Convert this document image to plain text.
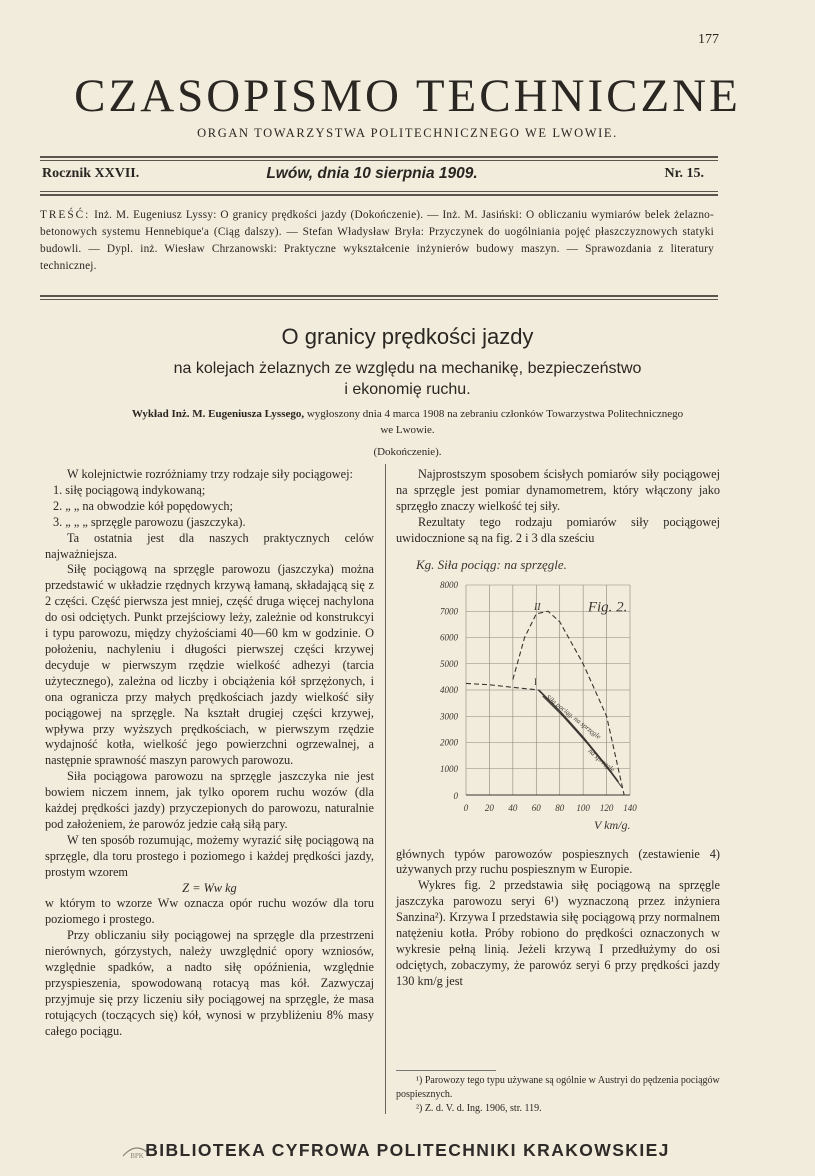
177
CZASOPISMO TECHNICZNE
ORGAN TOWARZYSTWA POLITECHNICZNEGO WE LWOWIE.
Rocznik XXVII.	Lwów, dnia 10 sierpnia 1909.	Nr. 15.
TREŚĆ: Inż. M. Eugeniusz Lyssy: O granicy prędkości jazdy (Dokończenie). — Inż. M. Jasiński: O obliczaniu wymiarów belek żelazno-betonowych systemu Hennebique'a (Ciąg dalszy). — Stefan Władysław Bryła: Przyczynek do uogólniania pojęć płaszczyznowych statyki budowli. — Dypl. inż. Wiesław Chrzanowski: Praktyczne wykształcenie inżynierów budowy maszyn. — Sprawozdania z literatury technicznej.
O granicy prędkości jazdy
na kolejach żelaznych ze względu na mechanikę, bezpieczeństwo
i ekonomię ruchu.
Wykład Inż. M. Eugeniusza Lyssego, wygłoszony dnia 4 marca 1908 na zebraniu członków Towarzystwa Politechnicznego we Lwowie.
(Dokończenie).

W kolejnictwie rozróżniamy trzy rodzaje siły pociągowej:

1. siłę pociągową indykowaną;

2. „ „ na obwodzie kół popędowych;

3. „ „ „ sprzęgle parowozu (jaszczyka).

Ta ostatnia jest dla naszych praktycznych celów najważniejsza.

Siłę pociągową na sprzęgle parowozu (jaszczyka) można przedstawić w układzie rzędnych krzywą łamaną, składającą się z 2 części. Część pierwsza jest mniej, część druga więcej nachylona do osi odciętych. Punkt przejściowy leży, zależnie od konstrukcyi i typu parowozu, między chyżościami 40—60 km w godzinie. O położeniu, nachyleniu i długości pierwszej części krzywej decyduje w pierwszym rzędzie wielkość adhezyi (tarcia użytecznego), zależna od liczby i obciążenia kół sprzężonych, i ona ogranicza przy małych prędkościach jazdy wielkość siły pociągowej na sprzęgle. Na kształt drugiej części krzywej, wpływa przy wyższych prędkościach, w pierwszym rzędzie wydajność kotła, wielkość jego powierzchni ogrzewalnej, a następnie sprawność maszyn parowych parowozu.

Siła pociągowa parowozu na sprzęgle jaszczyka nie jest bowiem niczem innem, jak tylko oporem ruchu wozów (dla każdej prędkości jazdy) przyczepionych do parowozu, naturalnie pod założeniem, że parowóz jedzie całą siłą pary.

W ten sposób rozumując, możemy wyrazić siłę pociągową na sprzęgle, dla toru prostego i poziomego i każdej prędkości jazdy, prostym wzorem

Z = Ww kg

w którym to wzorze Ww oznacza opór ruchu wozów dla toru poziomego i prostego.

Przy obliczaniu siły pociągowej na sprzęgle dla przestrzeni nierównych, górzystych, należy uwzględnić opory wzniosów, względnie spadków, a nadto siłę opóźnienia, względnie przyspieszenia, spowodowaną rotacyą mas kół. Zazwyczaj przyjmuje się przy liczeniu siły pociągowej na sprzęgle, że masa rotujących (toczących się) kół, wynosi w przybliżeniu 8% masy całego pociągu.

Najprostszym sposobem ścisłych pomiarów siły pociągowej na sprzęgle jest pomiar dynamometrem, który włączony jako sprzęgło znaczy wielkość tej siły.

Rezultaty tego rodzaju pomiarów siły pociągowej uwidocznione są na fig. 2 i 3 dla sześciu

Kg. Siła pociąg: na sprzęgle.
0 20 40 60 80 100 120 140
0
1000
2000
3000
4000
5000
6000
7000
8000
I
II	Fig. 2.
Siła pociąg. na sprzęgle
na sprzęgle
V km/g.

głównych typów parowozów pospiesznych (zestawienie 4) używanych przy ruchu pospiesznym w Europie.

Wykres fig. 2 przedstawia siłę pociągową na sprzęgle jaszczyka parowozu seryi 6¹) wyznaczoną przez inżyniera Sanzina²). Krzywa I przedstawia siłę pociągową przy normalnem natężeniu kotła. Próby robiono do prędkości oznaczonych w wykresie pełną linią. Jeżeli krzywą I przedłużymy do osi odciętych, zobaczymy, że parowóz seryi 6 przy prędkości jazdy 130 km/g jest

¹) Parowozy tego typu używane są ogólnie w Austryi do pędzenia pociągów pospiesznych.
²) Z. d. V. d. Ing. 1906, str. 119.
BPK BIBLIOTEKA CYFROWA POLITECHNIKI KRAKOWSKIEJ
